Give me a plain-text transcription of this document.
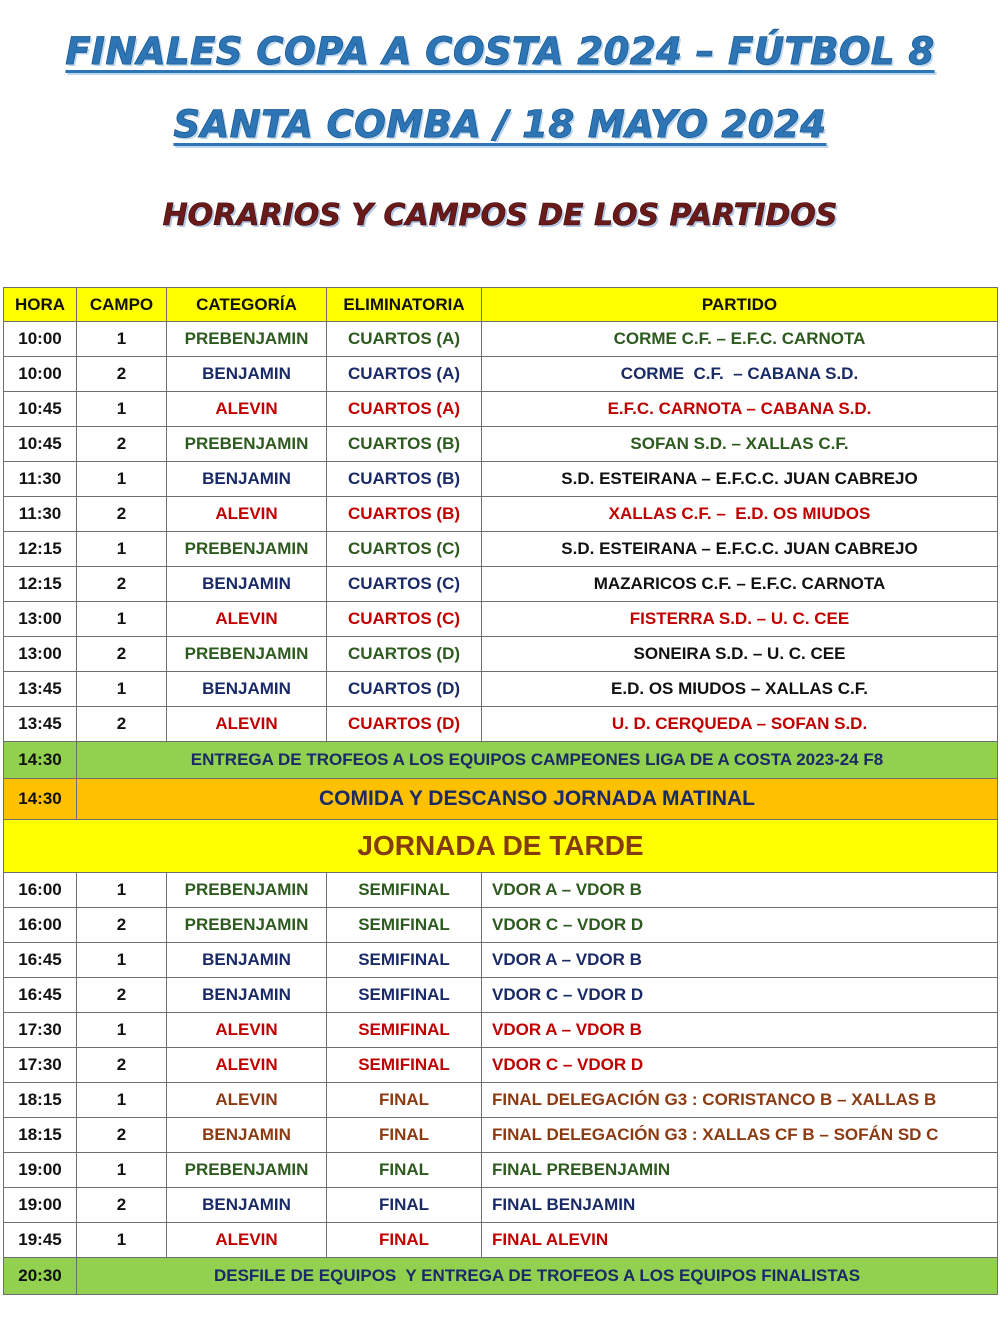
FINALES COPA A COSTA 2024 – FÚTBOL 8
SANTA COMBA / 18 MAYO 2024
HORARIOS Y CAMPOS DE LOS PARTIDOS
HORA	CAMPO	CATEGORÍA	ELIMINATORIA	PARTIDO
10:00	1	PREBENJAMIN	CUARTOS (A)	CORME C.F. – E.F.C. CARNOTA
10:00	2	BENJAMIN	CUARTOS (A)	CORME  C.F.  – CABANA S.D.
10:45	1	ALEVIN	CUARTOS (A)	E.F.C. CARNOTA – CABANA S.D.
10:45	2	PREBENJAMIN	CUARTOS (B)	SOFAN S.D. – XALLAS C.F.
11:30	1	BENJAMIN	CUARTOS (B)	S.D. ESTEIRANA – E.F.C.C. JUAN CABREJO
11:30	2	ALEVIN	CUARTOS (B)	XALLAS C.F. –  E.D. OS MIUDOS
12:15	1	PREBENJAMIN	CUARTOS (C)	S.D. ESTEIRANA – E.F.C.C. JUAN CABREJO
12:15	2	BENJAMIN	CUARTOS (C)	MAZARICOS C.F. – E.F.C. CARNOTA
13:00	1	ALEVIN	CUARTOS (C)	FISTERRA S.D. – U. C. CEE
13:00	2	PREBENJAMIN	CUARTOS (D)	SONEIRA S.D. – U. C. CEE
13:45	1	BENJAMIN	CUARTOS (D)	E.D. OS MIUDOS – XALLAS C.F.
13:45	2	ALEVIN	CUARTOS (D)	U. D. CERQUEDA – SOFAN S.D.
14:30	ENTREGA DE TROFEOS A LOS EQUIPOS CAMPEONES LIGA DE A COSTA 2023-24 F8			
14:30	COMIDA Y DESCANSO JORNADA MATINAL			
JORNADA DE TARDE				
16:00	1	PREBENJAMIN	SEMIFINAL	VDOR A – VDOR B
16:00	2	PREBENJAMIN	SEMIFINAL	VDOR C – VDOR D
16:45	1	BENJAMIN	SEMIFINAL	VDOR A – VDOR B
16:45	2	BENJAMIN	SEMIFINAL	VDOR C – VDOR D
17:30	1	ALEVIN	SEMIFINAL	VDOR A – VDOR B
17:30	2	ALEVIN	SEMIFINAL	VDOR C – VDOR D
18:15	1	ALEVIN	FINAL	FINAL DELEGACIÓN G3 : CORISTANCO B – XALLAS B
18:15	2	BENJAMIN	FINAL	FINAL DELEGACIÓN G3 : XALLAS CF B – SOFÁN SD C
19:00	1	PREBENJAMIN	FINAL	FINAL PREBENJAMIN
19:00	2	BENJAMIN	FINAL	FINAL BENJAMIN
19:45	1	ALEVIN	FINAL	FINAL ALEVIN
20:30	DESFILE DE EQUIPOS  Y ENTREGA DE TROFEOS A LOS EQUIPOS FINALISTAS			
